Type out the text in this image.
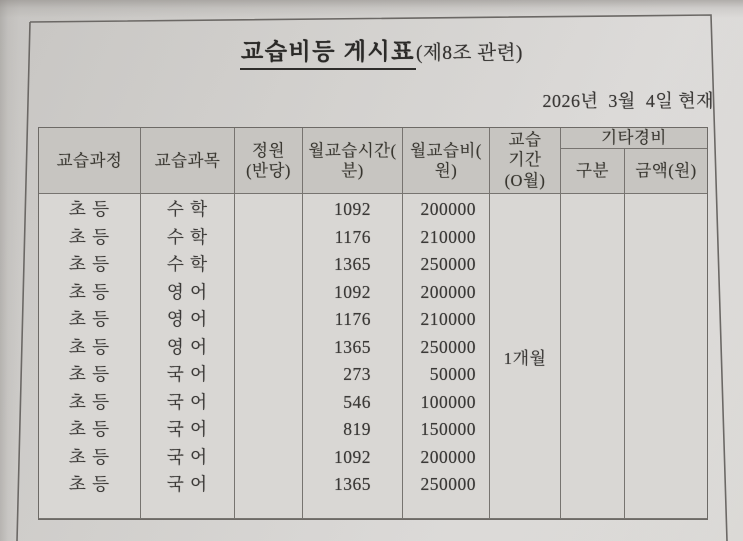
교습비등 게시표 (제8조 관련)
2026년  3월  4일 현재
교습과정	교습과목
정원
(반당)
월교습시간(
분)
월교습비(
원)
교습
기간
(O월)
기타경비
구분	금액(원)
초 등
초 등
초 등
초 등
초 등
초 등
초 등
초 등
초 등
초 등
초 등
수 학
수 학
수 학
영 어
영 어
영 어
국 어
국 어
국 어
국 어
국 어
1092
1176
1365
1092
1176
1365
273
546
819
1092
1365
200000
210000
250000
200000
210000
250000
50000
100000
150000
200000
250000
1개월
